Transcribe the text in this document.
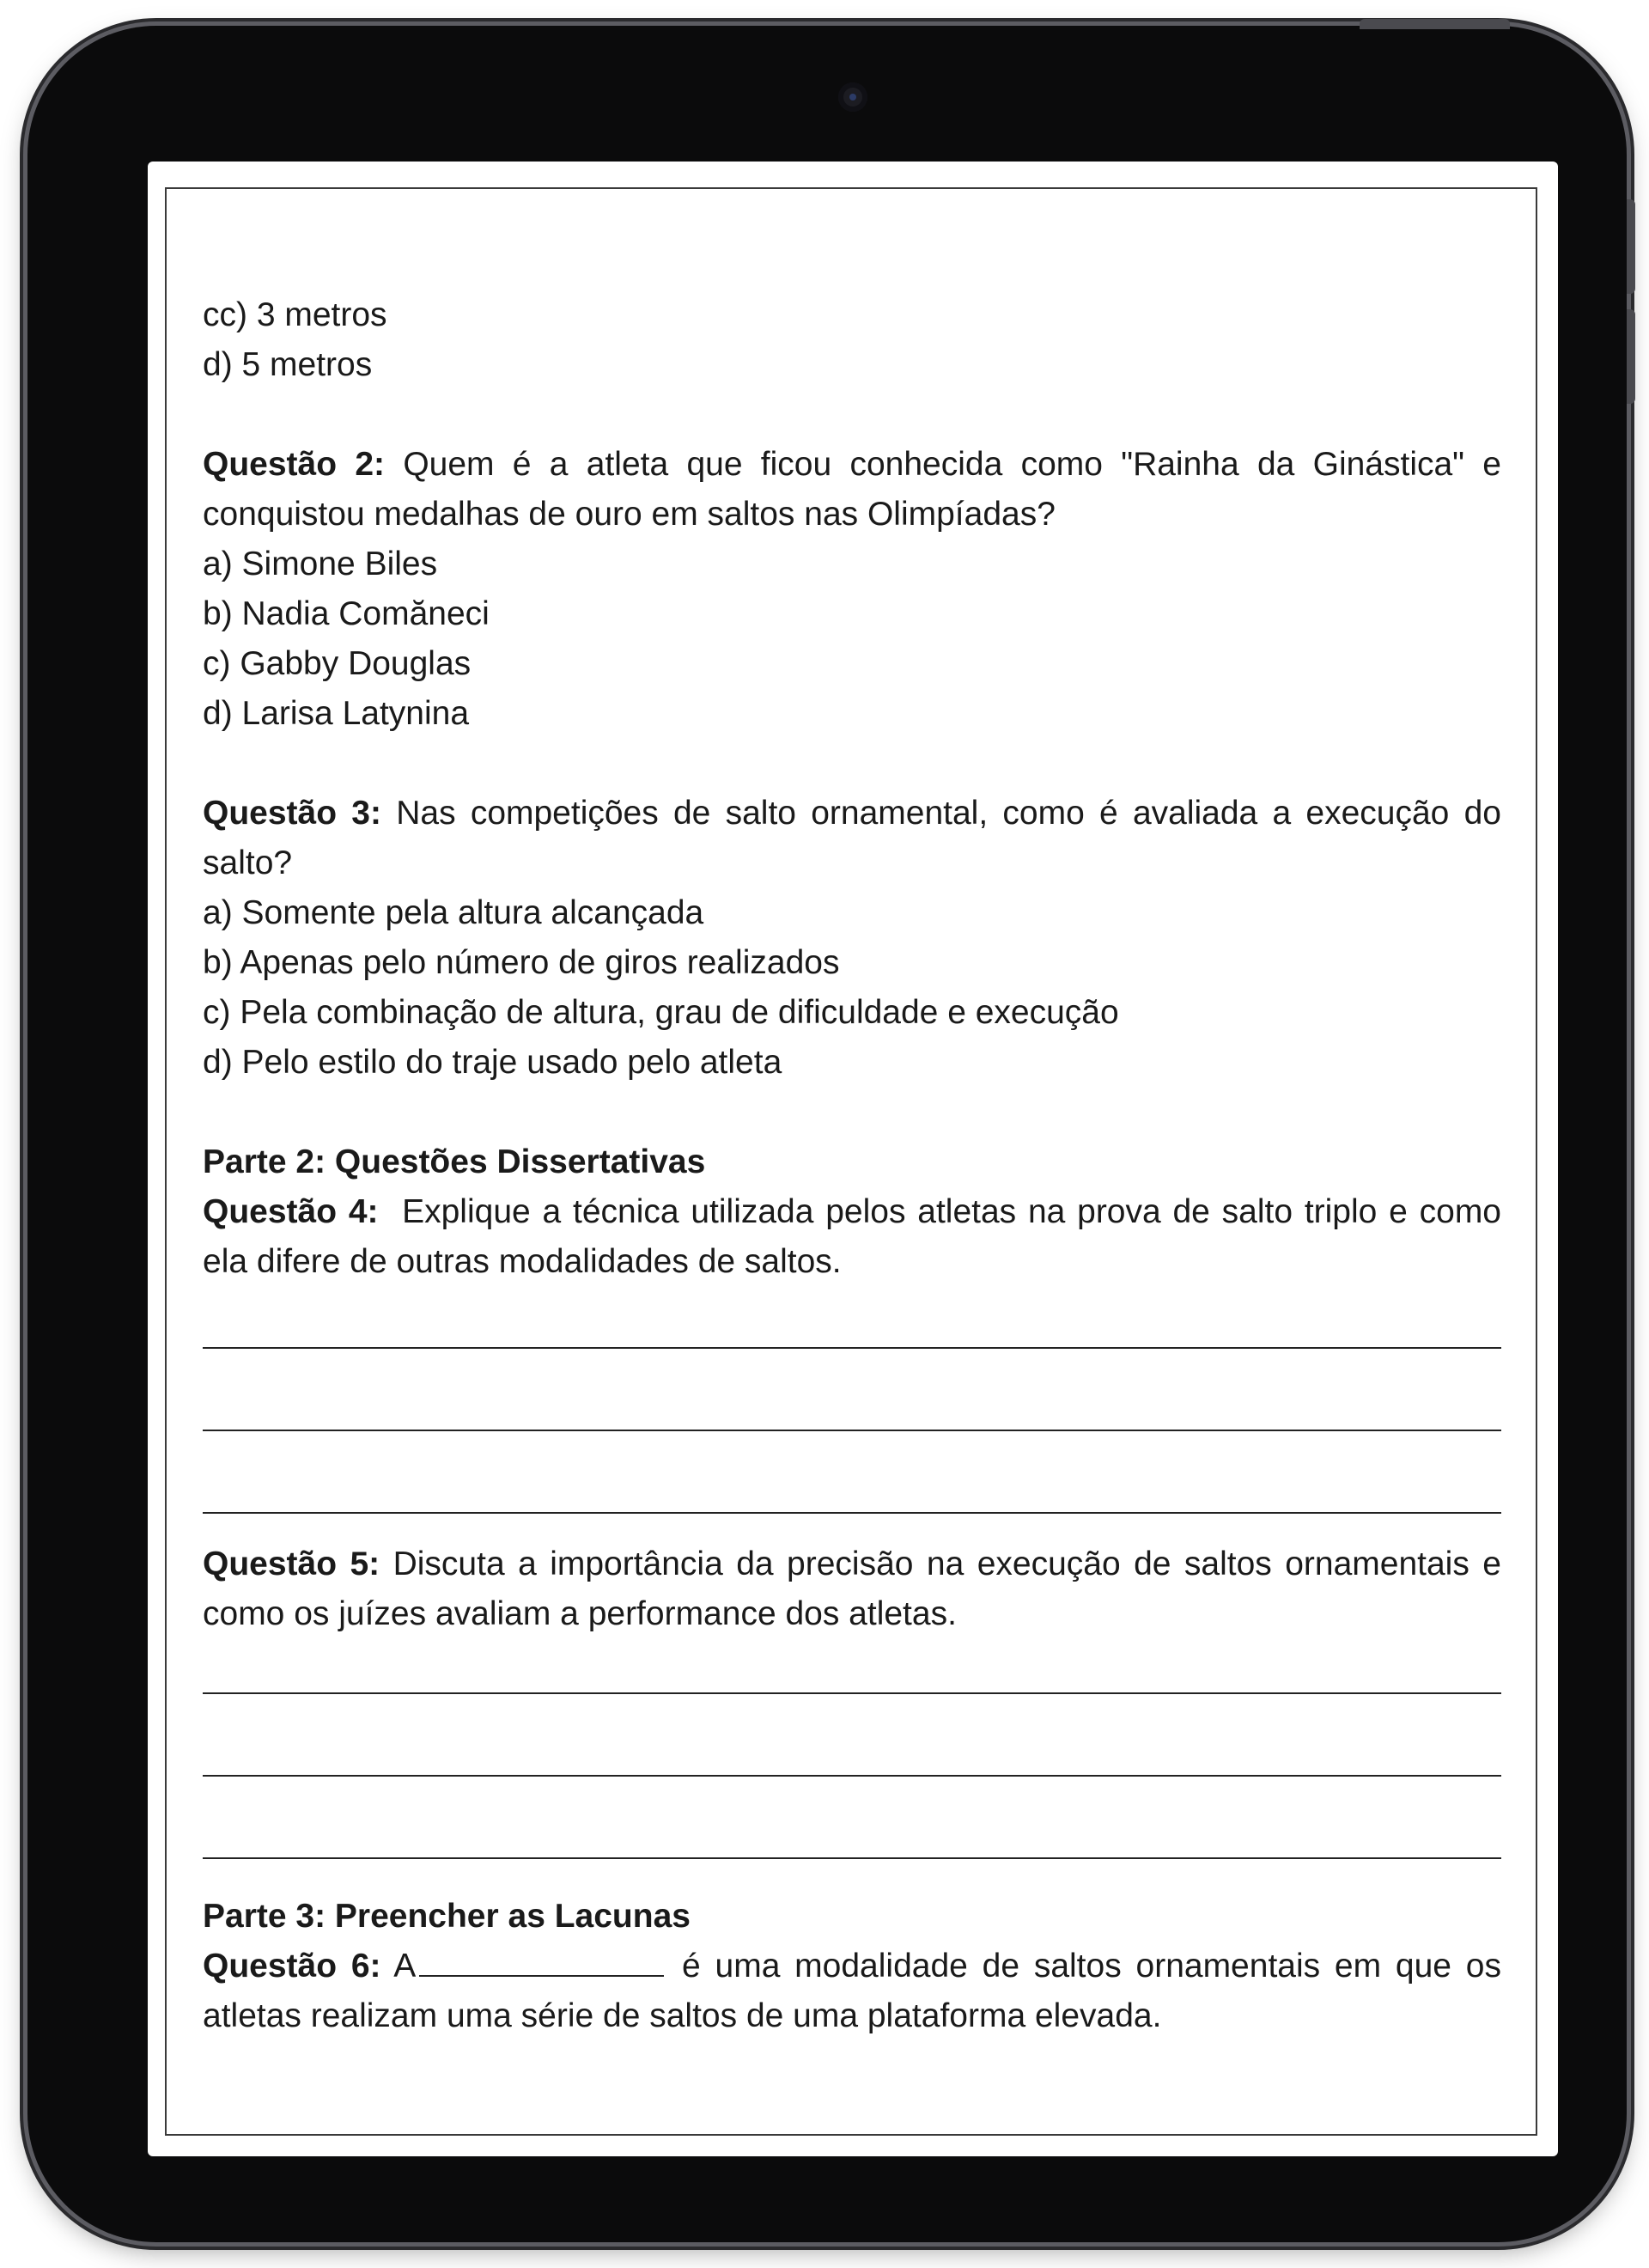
cc) 3 metros

d) 5 metros

Questão 2: Quem é a atleta que ficou conhecida como "Rainha da Ginástica" e conquistou medalhas de ouro em saltos nas Olimpíadas?

a) Simone Biles

b) Nadia Comăneci

c) Gabby Douglas

d) Larisa Latynina

Questão 3: Nas competições de salto ornamental, como é avaliada a execução do salto?

a) Somente pela altura alcançada

b) Apenas pelo número de giros realizados

c) Pela combinação de altura, grau de dificuldade e execução

d) Pelo estilo do traje usado pelo atleta

Parte 2: Questões Dissertativas

Questão 4: Explique a técnica utilizada pelos atletas na prova de salto triplo e como ela difere de outras modalidades de saltos.

Questão 5: Discuta a importância da precisão na execução de saltos ornamentais e como os juízes avaliam a performance dos atletas.

Parte 3: Preencher as Lacunas

Questão 6: A	é uma modalidade de saltos ornamentais em que os atletas realizam uma série de saltos de uma plataforma elevada.
